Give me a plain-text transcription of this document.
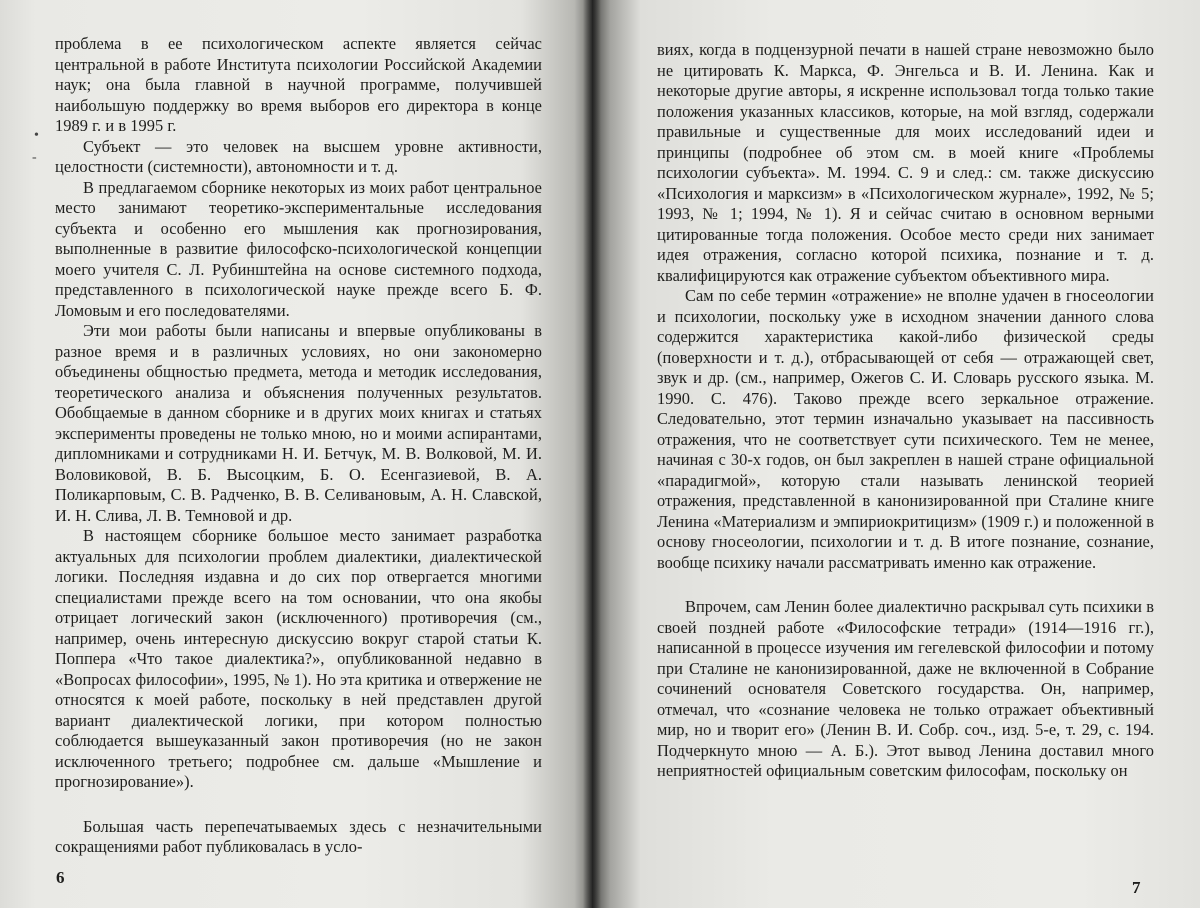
•
-

проблема в ее психологическом аспекте является сейчас центральной в работе Института психологии Российской Академии наук; она была главной в научной программе, получившей наибольшую поддержку во время выборов его директора в конце 1989 г. и в 1995 г.

Субъект — это человек на высшем уровне активности, целостности (системности), автономности и т. д.

В предлагаемом сборнике некоторых из моих работ центральное место занимают теоретико-экспериментальные исследования субъекта и особенно его мышления как прогнозирования, выполненные в развитие философско-психологической концепции моего учителя С. Л. Рубинштейна на основе системного подхода, представленного в психологической науке прежде всего Б. Ф. Ломовым и его последователями.

Эти мои работы были написаны и впервые опубликованы в разное время и в различных условиях, но они закономерно объединены общностью предмета, метода и методик исследования, теоретического анализа и объяснения полученных результатов. Обобщаемые в данном сборнике и в других моих книгах и статьях эксперименты проведены не только мною, но и моими аспирантами, дипломниками и сотрудниками Н. И. Бетчук, М. В. Волковой, М. И. Воловиковой, В. Б. Высоцким, Б. О. Есенгазиевой, В. А. Поликарповым, С. В. Радченко, В. В. Селивановым, А. Н. Славской, И. Н. Слива, Л. В. Темновой и др.

В настоящем сборнике большое место занимает разработка актуальных для психологии проблем диалектики, диалектической логики. Последняя издавна и до сих пор отвергается многими специалистами прежде всего на том основании, что она якобы отрицает логический закон (исключенного) противоречия (см., например, очень интересную дискуссию вокруг старой статьи К. Поппера «Что такое диалектика?», опубликованной недавно в «Вопросах философии», 1995, № 1). Но эта критика и отвержение не относятся к моей работе, поскольку в ней представлен другой вариант диалектической логики, при котором полностью соблюдается вышеуказанный закон противоречия (но не закон исключенного третьего; подробнее см. дальше «Мышление и прогнозирование»).

Большая часть перепечатываемых здесь с незначительными сокращениями работ публиковалась в усло-

6

виях, когда в подцензурной печати в нашей стране невозможно было не цитировать К. Маркса, Ф. Энгельса и В. И. Ленина. Как и некоторые другие авторы, я искренне использовал тогда только такие положения указанных классиков, которые, на мой взгляд, содержали правильные и существенные для моих исследований идеи и принципы (подробнее об этом см. в моей книге «Проблемы психологии субъекта». М. 1994. С. 9 и след.: см. также дискуссию «Психология и марксизм» в «Психологическом журнале», 1992, № 5; 1993, № 1; 1994, № 1). Я и сейчас считаю в основном верными цитированные тогда положения. Особое место среди них занимает идея отражения, согласно которой психика, познание и т. д. квалифицируются как отражение субъектом объективного мира.

Сам по себе термин «отражение» не вполне удачен в гносеологии и психологии, поскольку уже в исходном значении данного слова содержится характеристика какой-либо физической среды (поверхности и т. д.), отбрасывающей от себя — отражающей свет, звук и др. (см., например, Ожегов С. И. Словарь русского языка. М. 1990. С. 476). Таково прежде всего зеркальное отражение. Следовательно, этот термин изначально указывает на пассивность отражения, что не соответствует сути психического. Тем не менее, начиная с 30-х годов, он был закреплен в нашей стране официальной «парадигмой», которую стали называть ленинской теорией отражения, представленной в канонизированной при Сталине книге Ленина «Материализм и эмпириокритицизм» (1909 г.) и положенной в основу гносеологии, психологии и т. д. В итоге познание, сознание, вообще психику начали рассматривать именно как отражение.

Впрочем, сам Ленин более диалектично раскрывал суть психики в своей поздней работе «Философские тетради» (1914—1916 гг.), написанной в процессе изучения им гегелевской философии и потому при Сталине не канонизированной, даже не включенной в Собрание сочинений основателя Советского государства. Он, например, отмечал, что «сознание человека не только отражает объективный мир, но и творит его» (Ленин В. И. Собр. соч., изд. 5-е, т. 29, с. 194. Подчеркнуто мною — А. Б.). Этот вывод Ленина доставил много неприятностей официальным советским философам, поскольку он

7
